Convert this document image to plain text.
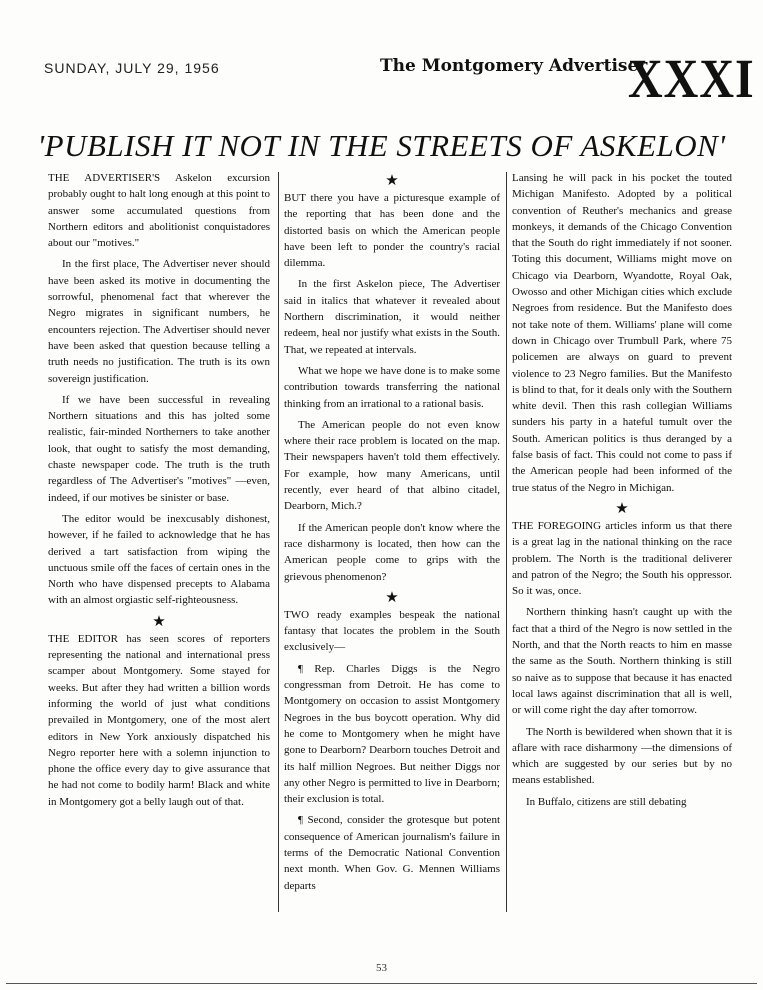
SUNDAY, JULY 29, 1956	The Montgomery Advertiser
XXXI
'PUBLISH IT NOT IN THE STREETS OF ASKELON'

THE ADVERTISER'S Askelon excursion probably ought to halt long enough at this point to answer some accumulated questions from Northern editors and abolitionist conquistadores about our "motives."

In the first place, The Advertiser never should have been asked its motive in documenting the sorrowful, phenomenal fact that wherever the Negro migrates in significant numbers, he encounters rejection. The Advertiser should never have been asked that question because telling a truth needs no justification. The truth is its own sovereign justification.

If we have been successful in revealing Northern situations and this has jolted some realistic, fair-minded Northerners to take another look, that ought to satisfy the most demanding, chaste newspaper code. The truth is the truth regardless of The Advertiser's "motives" —even, indeed, if our motives be sinister or base.

The editor would be inexcusably dishonest, however, if he failed to acknowledge that he has derived a tart satisfaction from wiping the unctuous smile off the faces of certain ones in the North who have dispensed precepts to Alabama with an almost orgiastic self-righteousness.

★

THE EDITOR has seen scores of reporters representing the national and international press scamper about Montgomery. Some stayed for weeks. But after they had written a billion words informing the world of just what conditions prevailed in Montgomery, one of the most alert editors in New York anxiously dispatched his Negro reporter here with a solemn injunction to phone the office every day to give assurance that he had not come to bodily harm! Black and white in Montgomery got a belly laugh out of that.

★

BUT there you have a picturesque example of the reporting that has been done and the distorted basis on which the American people have been left to ponder the country's racial dilemma.

In the first Askelon piece, The Advertiser said in italics that whatever it revealed about Northern discrimination, it would neither redeem, heal nor justify what exists in the South. That, we repeated at intervals.

What we hope we have done is to make some contribution towards transferring the national thinking from an irrational to a rational basis.

The American people do not even know where their race problem is located on the map. Their newspapers haven't told them effectively. For example, how many Americans, until recently, ever heard of that albino citadel, Dearborn, Mich.?

If the American people don't know where the race disharmony is located, then how can the American people come to grips with the grievous phenomenon?

★

TWO ready examples bespeak the national fantasy that locates the problem in the South exclusively—

¶ Rep. Charles Diggs is the Negro congressman from Detroit. He has come to Montgomery on occasion to assist Montgomery Negroes in the bus boycott operation. Why did he come to Montgomery when he might have gone to Dearborn? Dearborn touches Detroit and its half million Negroes. But neither Diggs nor any other Negro is permitted to live in Dearborn; their exclusion is total.

¶ Second, consider the grotesque but potent consequence of American journalism's failure in terms of the Democratic National Convention next month. When Gov. G. Mennen Williams departs

Lansing he will pack in his pocket the touted Michigan Manifesto. Adopted by a political convention of Reuther's mechanics and grease monkeys, it demands of the Chicago Convention that the South do right immediately if not sooner. Toting this document, Williams might move on Chicago via Dearborn, Wyandotte, Royal Oak, Owosso and other Michigan cities which exclude Negroes from residence. But the Manifesto does not take note of them. Williams' plane will come down in Chicago over Trumbull Park, where 75 policemen are always on guard to prevent violence to 23 Negro families. But the Manifesto is blind to that, for it deals only with the Southern white devil. Then this rash collegian Williams sunders his party in a hateful tumult over the South. American politics is thus deranged by a false basis of fact. This could not come to pass if the American people had been informed of the true status of the Negro in Michigan.

★

THE FOREGOING articles inform us that there is a great lag in the national thinking on the race problem. The North is the traditional deliverer and patron of the Negro; the South his oppressor. So it was, once.

Northern thinking hasn't caught up with the fact that a third of the Negro is now settled in the North, and that the North reacts to him en masse the same as the South. Northern thinking is still so naive as to suppose that because it has enacted local laws against discrimination that all is well, or will come right the day after tomorrow.

The North is bewildered when shown that it is aflare with race disharmony —the dimensions of which are suggested by our series but by no means established.

In Buffalo, citizens are still debating

53
